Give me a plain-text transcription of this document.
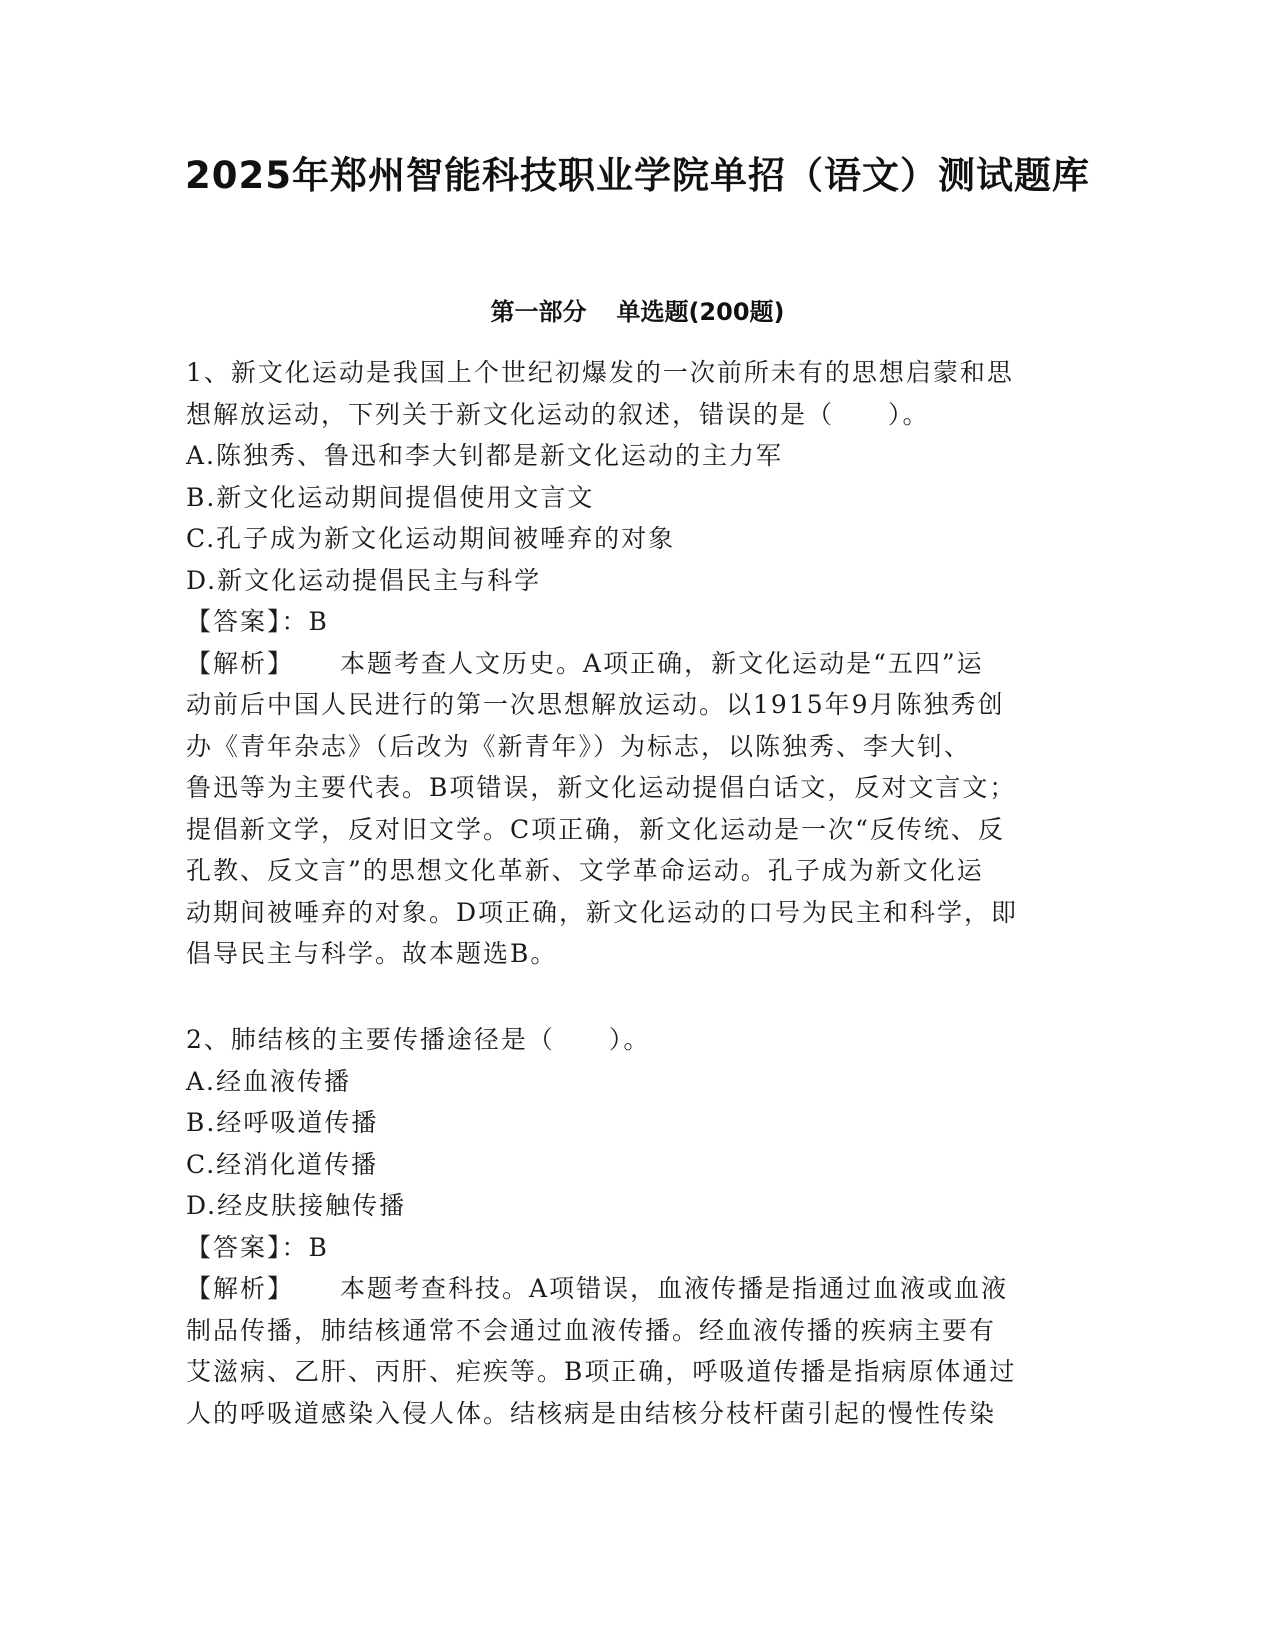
2025年郑州智能科技职业学院单招（语文）测试题库
第一部分 单选题(200题)
1、新文化运动是我国上个世纪初爆发的一次前所未有的思想启蒙和思
想解放运动，下列关于新文化运动的叙述，错误的是（　　）。
A.陈独秀、鲁迅和李大钊都是新文化运动的主力军
B.新文化运动期间提倡使用文言文
C.孔子成为新文化运动期间被唾弃的对象
D.新文化运动提倡民主与科学
【答案】：B
【解析】 本题考查人文历史。A项正确，新文化运动是“五四”运
动前后中国人民进行的第一次思想解放运动。以1915年9月陈独秀创
办《青年杂志》（后改为《新青年》）为标志，以陈独秀、李大钊、
鲁迅等为主要代表。B项错误，新文化运动提倡白话文，反对文言文；
提倡新文学，反对旧文学。C项正确，新文化运动是一次“反传统、反
孔教、反文言”的思想文化革新、文学革命运动。孔子成为新文化运
动期间被唾弃的对象。D项正确，新文化运动的口号为民主和科学，即
倡导民主与科学。故本题选B。
2、肺结核的主要传播途径是（　　）。
A.经血液传播
B.经呼吸道传播
C.经消化道传播
D.经皮肤接触传播
【答案】：B
【解析】 本题考查科技。A项错误，血液传播是指通过血液或血液
制品传播，肺结核通常不会通过血液传播。经血液传播的疾病主要有
艾滋病、乙肝、丙肝、疟疾等。B项正确，呼吸道传播是指病原体通过
人的呼吸道感染入侵人体。结核病是由结核分枝杆菌引起的慢性传染
